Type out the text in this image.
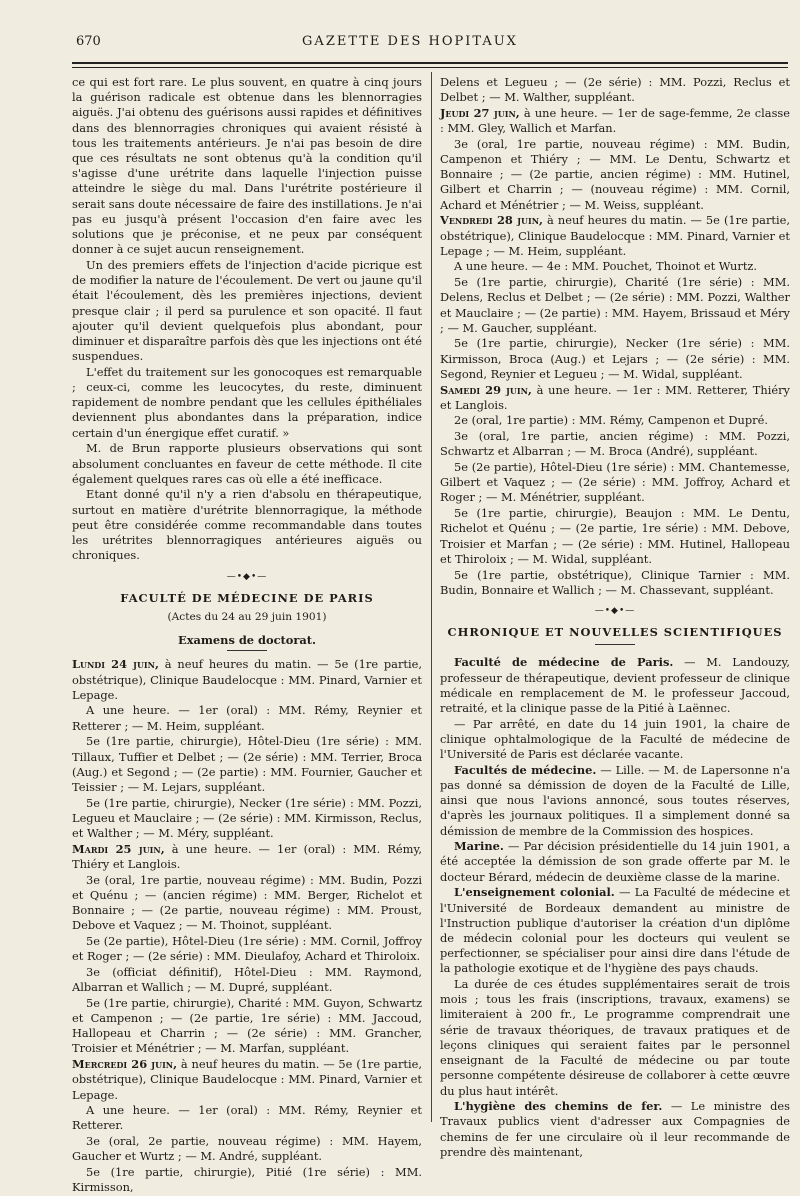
670	GAZETTE DES HOPITAUX

ce qui est fort rare. Le plus souvent, en quatre à cinq jours la guérison radicale est obtenue dans les blennorragies aiguës. J'ai obtenu des guérisons aussi rapides et définitives dans des blennorragies chroniques qui avaient résisté à tous les traitements antérieurs. Je n'ai pas besoin de dire que ces résultats ne sont obtenus qu'à la condition qu'il s'agisse d'une urétrite dans laquelle l'injection puisse atteindre le siège du mal. Dans l'urétrite postérieure il serait sans doute nécessaire de faire des instillations. Je n'ai pas eu jusqu'à présent l'occasion d'en faire avec les solutions que je préconise, et ne peux par conséquent donner à ce sujet aucun renseignement.

Un des premiers effets de l'injection d'acide picrique est de modifier la nature de l'écoulement. De vert ou jaune qu'il était l'écoulement, dès les premières injections, devient presque clair ; il perd sa purulence et son opacité. Il faut ajouter qu'il devient quelquefois plus abondant, pour diminuer et disparaître parfois dès que les injections ont été suspendues.

L'effet du traitement sur les gonocoques est remarquable ; ceux-ci, comme les leucocytes, du reste, diminuent rapidement de nombre pendant que les cellules épithéliales deviennent plus abondantes dans la préparation, indice certain d'un énergique effet curatif. »

M. de Brun rapporte plusieurs observations qui sont absolument concluantes en faveur de cette méthode. Il cite également quelques rares cas où elle a été inefficace.

Etant donné qu'il n'y a rien d'absolu en thérapeutique, surtout en matière d'urétrite blennorragique, la méthode peut être considérée comme recommandable dans toutes les urétrites blennorragiques antérieures aiguës ou chroniques.

—•◆•—
FACULTÉ DE MÉDECINE DE PARIS
(Actes du 24 au 29 juin 1901)
Examens de doctorat.

Lundi 24 juin, à neuf heures du matin. — 5e (1re partie, obstétrique), Clinique Baudelocque : MM. Pinard, Varnier et Lepage.

A une heure. — 1er (oral) : MM. Rémy, Reynier et Retterer ; — M. Heim, suppléant.

5e (1re partie, chirurgie), Hôtel-Dieu (1re série) : MM. Tillaux, Tuffier et Delbet ; — (2e série) : MM. Terrier, Broca (Aug.) et Segond ; — (2e partie) : MM. Fournier, Gaucher et Teissier ; — M. Lejars, suppléant.

5e (1re partie, chirurgie), Necker (1re série) : MM. Pozzi, Legueu et Mauclaire ; — (2e série) : MM. Kirmisson, Reclus, et Walther ; — M. Méry, suppléant.

Mardi 25 juin, à une heure. — 1er (oral) : MM. Rémy, Thiéry et Langlois.

3e (oral, 1re partie, nouveau régime) : MM. Budin, Pozzi et Quénu ; — (ancien régime) : MM. Berger, Richelot et Bonnaire ; — (2e partie, nouveau régime) : MM. Proust, Debove et Vaquez ; — M. Thoinot, suppléant.

5e (2e partie), Hôtel-Dieu (1re série) : MM. Cornil, Joffroy et Roger ; — (2e série) : MM. Dieulafoy, Achard et Thiroloix.

3e (officiat définitif), Hôtel-Dieu : MM. Raymond, Albarran et Wallich ; — M. Dupré, suppléant.

5e (1re partie, chirurgie), Charité : MM. Guyon, Schwartz et Campenon ; — (2e partie, 1re série) : MM. Jaccoud, Hallopeau et Charrin ; — (2e série) : MM. Grancher, Troisier et Ménétrier ; — M. Marfan, suppléant.

Mercredi 26 juin, à neuf heures du matin. — 5e (1re partie, obstétrique), Clinique Baudelocque : MM. Pinard, Varnier et Lepage.

A une heure. — 1er (oral) : MM. Rémy, Reynier et Retterer.

3e (oral, 2e partie, nouveau régime) : MM. Hayem, Gaucher et Wurtz ; — M. André, suppléant.

5e (1re partie, chirurgie), Pitié (1re série) : MM. Kirmisson,

Delens et Legueu ; — (2e série) : MM. Pozzi, Reclus et Delbet ; — M. Walther, suppléant.

Jeudi 27 juin, à une heure. — 1er de sage-femme, 2e classe : MM. Gley, Wallich et Marfan.

3e (oral, 1re partie, nouveau régime) : MM. Budin, Campenon et Thiéry ; — MM. Le Dentu, Schwartz et Bonnaire ; — (2e partie, ancien régime) : MM. Hutinel, Gilbert et Charrin ; — (nouveau régime) : MM. Cornil, Achard et Ménétrier ; — M. Weiss, suppléant.

Vendredi 28 juin, à neuf heures du matin. — 5e (1re partie, obstétrique), Clinique Baudelocque : MM. Pinard, Varnier et Lepage ; — M. Heim, suppléant.

A une heure. — 4e : MM. Pouchet, Thoinot et Wurtz.

5e (1re partie, chirurgie), Charité (1re série) : MM. Delens, Reclus et Delbet ; — (2e série) : MM. Pozzi, Walther et Mauclaire ; — (2e partie) : MM. Hayem, Brissaud et Méry ; — M. Gaucher, suppléant.

5e (1re partie, chirurgie), Necker (1re série) : MM. Kirmisson, Broca (Aug.) et Lejars ; — (2e série) : MM. Segond, Reynier et Legueu ; — M. Widal, suppléant.

Samedi 29 juin, à une heure. — 1er : MM. Retterer, Thiéry et Langlois.

2e (oral, 1re partie) : MM. Rémy, Campenon et Dupré.

3e (oral, 1re partie, ancien régime) : MM. Pozzi, Schwartz et Albarran ; — M. Broca (André), suppléant.

5e (2e partie), Hôtel-Dieu (1re série) : MM. Chantemesse, Gilbert et Vaquez ; — (2e série) : MM. Joffroy, Achard et Roger ; — M. Ménétrier, suppléant.

5e (1re partie, chirurgie), Beaujon : MM. Le Dentu, Richelot et Quénu ; — (2e partie, 1re série) : MM. Debove, Troisier et Marfan ; — (2e série) : MM. Hutinel, Hallopeau et Thiroloix ; — M. Widal, suppléant.

5e (1re partie, obstétrique), Clinique Tarnier : MM. Budin, Bonnaire et Wallich ; — M. Chassevant, suppléant.

—•◆•—
CHRONIQUE ET NOUVELLES SCIENTIFIQUES

Faculté de médecine de Paris. — M. Landouzy, professeur de thérapeutique, devient professeur de clinique médicale en remplacement de M. le professeur Jaccoud, retraité, et la clinique passe de la Pitié à Laënnec.

— Par arrêté, en date du 14 juin 1901, la chaire de clinique ophtalmologique de la Faculté de médecine de l'Université de Paris est déclarée vacante.

Facultés de médecine. — Lille. — M. de Lapersonne n'a pas donné sa démission de doyen de la Faculté de Lille, ainsi que nous l'avions annoncé, sous toutes réserves, d'après les journaux politiques. Il a simplement donné sa démission de membre de la Commission des hospices.

Marine. — Par décision présidentielle du 14 juin 1901, a été acceptée la démission de son grade offerte par M. le docteur Bérard, médecin de deuxième classe de la marine.

L'enseignement colonial. — La Faculté de médecine et l'Université de Bordeaux demandent au ministre de l'Instruction publique d'autoriser la création d'un diplôme de médecin colonial pour les docteurs qui veulent se perfectionner, se spécialiser pour ainsi dire dans l'étude de la pathologie exotique et de l'hygiène des pays chauds.

La durée de ces études supplémentaires serait de trois mois ; tous les frais (inscriptions, travaux, examens) se limiteraient à 200 fr., Le programme comprendrait une série de travaux théoriques, de travaux pratiques et de leçons cliniques qui seraient faites par le personnel enseignant de la Faculté de médecine ou par toute personne compétente désireuse de collaborer à cette œuvre du plus haut intérêt.

L'hygiène des chemins de fer. — Le ministre des Travaux publics vient d'adresser aux Compagnies de chemins de fer une circulaire où il leur recommande de prendre dès maintenant,
